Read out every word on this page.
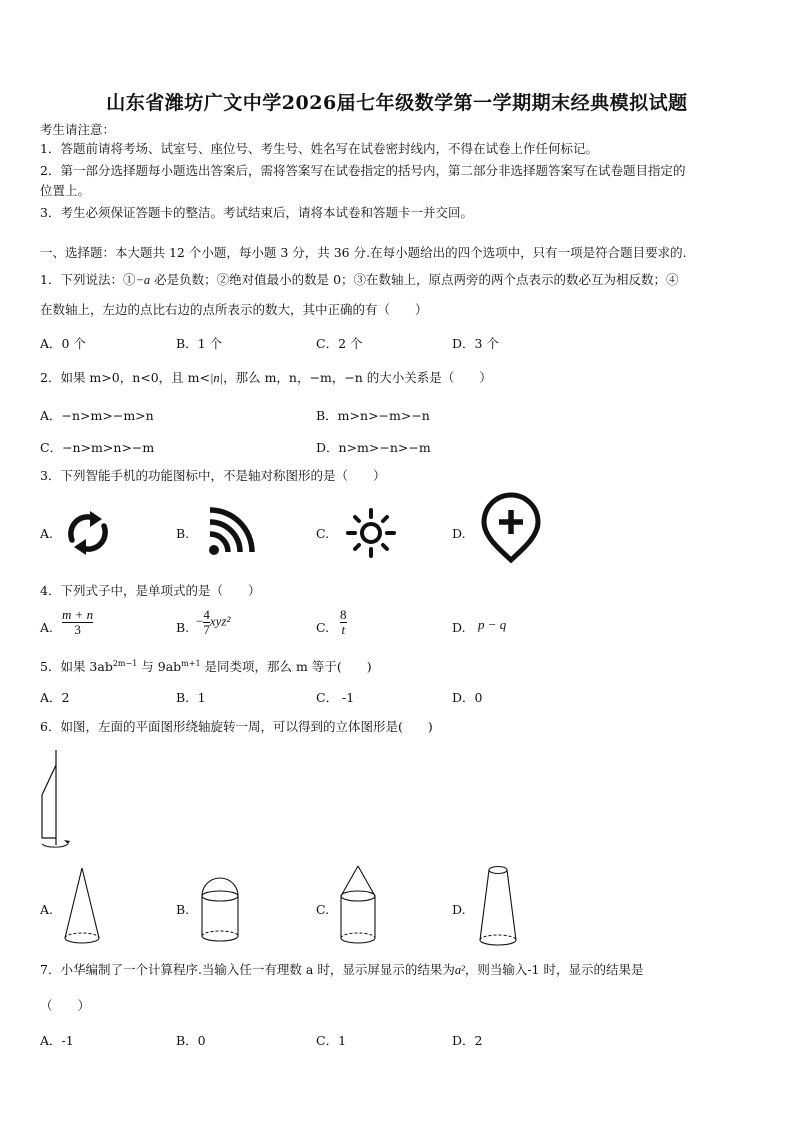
山东省潍坊广文中学2026届七年级数学第一学期期末经典模拟试题
考生请注意：
1．答题前请将考场、试室号、座位号、考生号、姓名写在试卷密封线内，不得在试卷上作任何标记。
2．第一部分选择题每小题选出答案后，需将答案写在试卷指定的括号内，第二部分非选择题答案写在试卷题目指定的
位置上。
3．考生必须保证答题卡的整洁。考试结束后，请将本试卷和答题卡一并交回。
一、选择题：本大题共 12 个小题，每小题 3 分，共 36 分.在每小题给出的四个选项中，只有一项是符合题目要求的.
1．下列说法：①−a 必是负数；②绝对值最小的数是 0；③在数轴上，原点两旁的两个点表示的数必互为相反数；④
在数轴上，左边的点比右边的点所表示的数大，其中正确的有（　　）
A．0 个	B．1 个	C．2 个	D．3 个
2．如果 m>0，n<0，且 m<|n|，那么 m，n，−m，−n 的大小关系是（　　）
A．−n>m>−m>n	B．m>n>−m>−n
C．−n>m>n>−m	D．n>m>−n>−m
3．下列智能手机的功能图标中，不是轴对称图形的是（　　）
A.	B.	C.	D.
4．下列式子中，是单项式的是（　　）
A. $\frac{m + n}{3}$	B. − $\frac{4}{7} xyz^2$	C. $\frac{8}{t}$	D. p − q
5．如果 $3ab^{2m-1}$ 与 $9ab^{m+1}$ 是同类项，那么 m 等于(　　)
A．2	B．1	C． -1	D．0
6．如图，左面的平面图形绕轴旋转一周，可以得到的立体图形是(　　)
A.	B.	C.	D.
7．小华编制了一个计算程序.当输入任一有理数 a 时，显示屏显示的结果为a²，则当输入-1 时，显示的结果是
（　　）
A．-1	B．0	C．1	D．2
